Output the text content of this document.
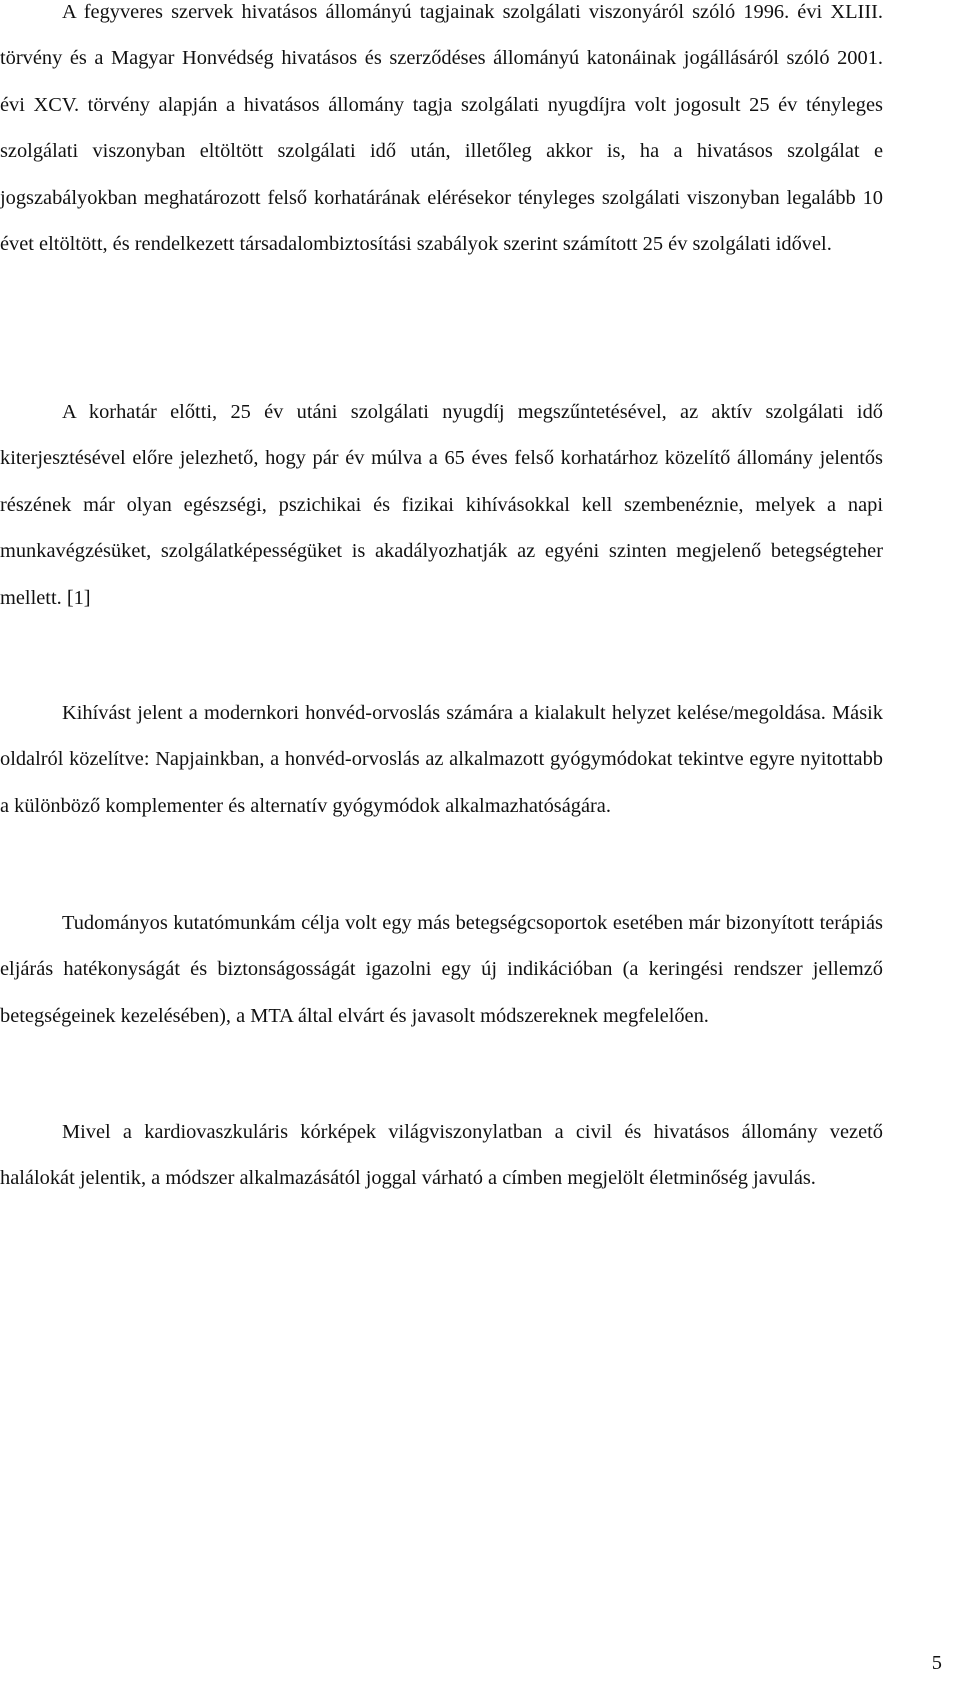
A fegyveres szervek hivatásos állományú tagjainak szolgálati viszonyáról szóló 1996. évi XLIII. törvény és a Magyar Honvédség hivatásos és szerződéses állományú katonáinak jogállásáról szóló 2001. évi XCV. törvény alapján a hivatásos állomány tagja szolgálati nyugdíjra volt jogosult 25 év tényleges szolgálati viszonyban eltöltött szolgálati idő után, illetőleg akkor is, ha a hivatásos szolgálat e jogszabályokban meghatározott felső korhatárának elérésekor tényleges szolgálati viszonyban legalább 10 évet eltöltött, és rendelkezett társadalombiztosítási szabályok szerint számított 25 év szolgálati idővel.

A korhatár előtti, 25 év utáni szolgálati nyugdíj megszűntetésével, az aktív szolgálati idő kiterjesztésével előre jelezhető, hogy pár év múlva a 65 éves felső korhatárhoz közelítő állomány jelentős részének már olyan egészségi, pszichikai és fizikai kihívásokkal kell szembenéznie, melyek a napi munkavégzésüket, szolgálatképességüket is akadályozhatják az egyéni szinten megjelenő betegségteher mellett. [1]

Kihívást jelent a modernkori honvéd-orvoslás számára a kialakult helyzet kelése/megoldása. Másik oldalról közelítve: Napjainkban, a honvéd-orvoslás az alkalmazott gyógymódokat tekintve egyre nyitottabb a különböző komplementer és alternatív gyógymódok alkalmazhatóságára.

Tudományos kutatómunkám célja volt egy más betegségcsoportok esetében már bizonyított terápiás eljárás hatékonyságát és biztonságosságát igazolni egy új indikációban (a keringési rendszer jellemző betegségeinek kezelésében), a MTA által elvárt és javasolt módszereknek megfelelően.

Mivel a kardiovaszkuláris kórképek világviszonylatban a civil és hivatásos állomány vezető halálokát jelentik, a módszer alkalmazásától joggal várható a címben megjelölt életminőség javulás.

5
